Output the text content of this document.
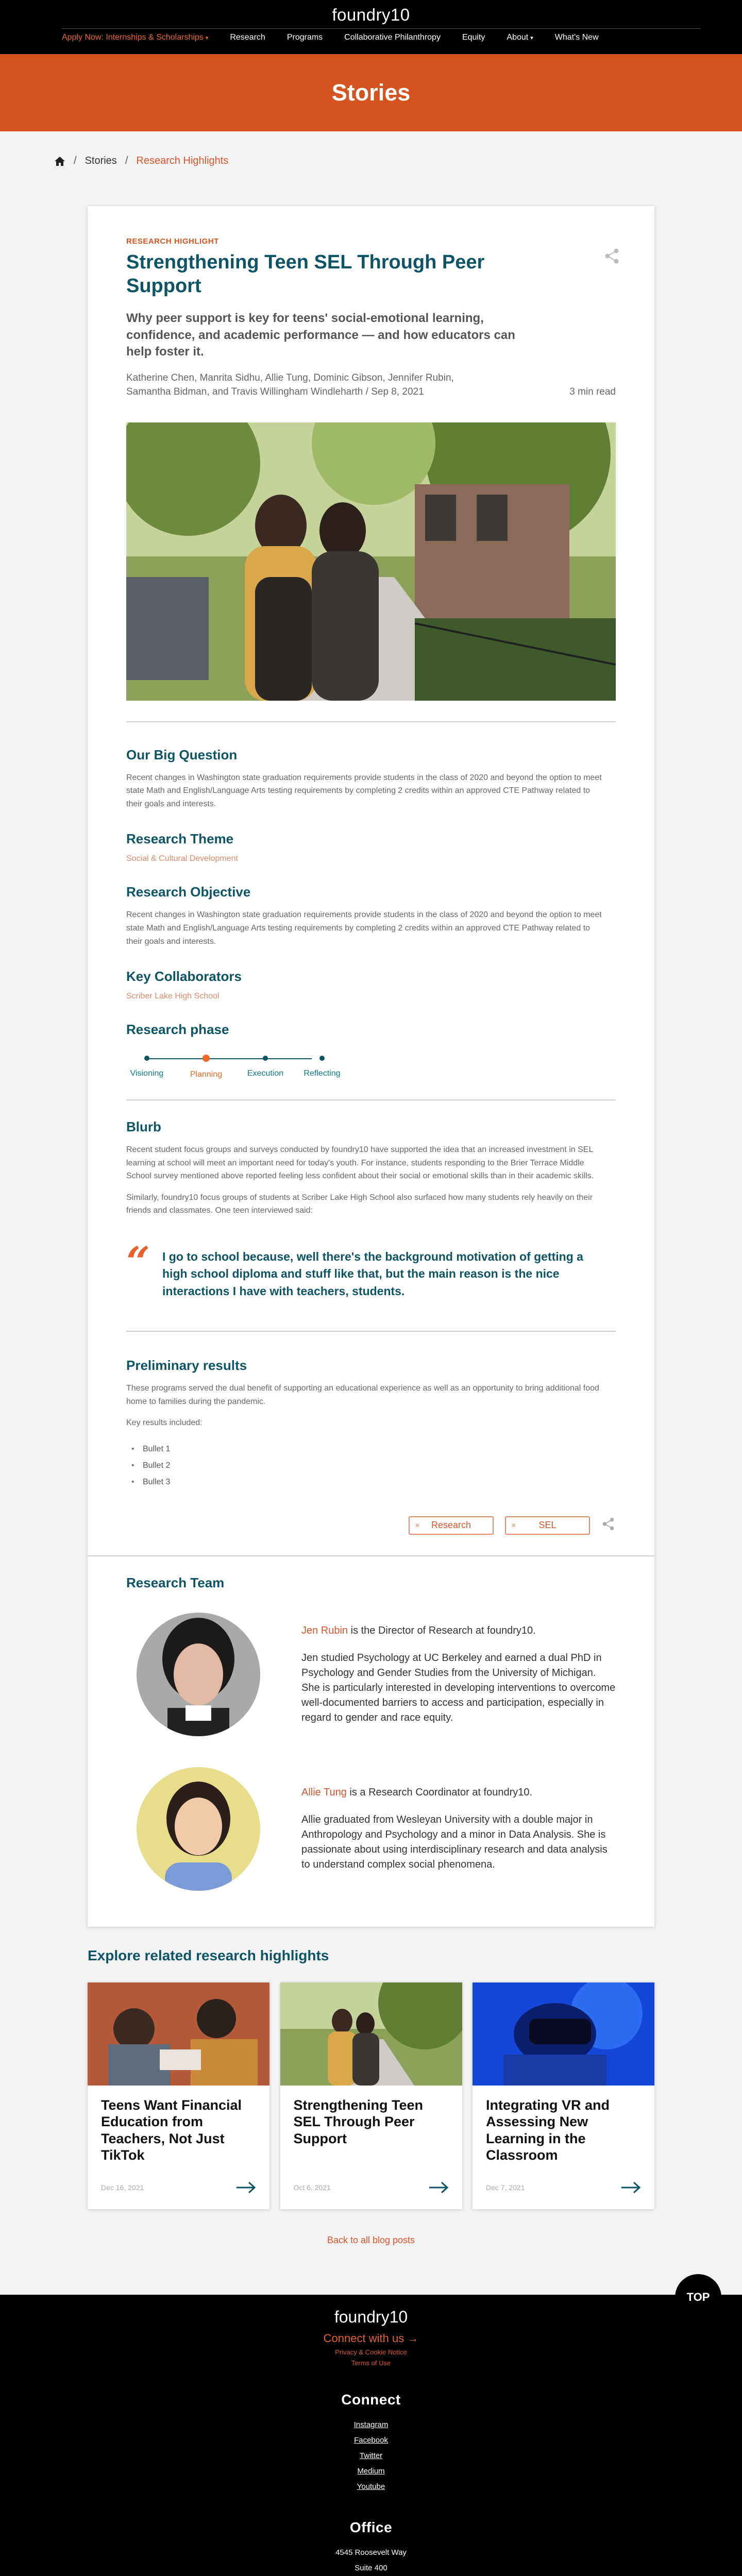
foundry10
Apply Now: Internships & Scholarships ▾	Research	Programs	Collaborative Philanthropy	Equity	About ▾	What's New
Stories
/ Stories / Research Highlights
RESEARCH HIGHLIGHT
Strengthening Teen SEL Through Peer Support

Why peer support is key for teens' social-emotional learning, confidence, and academic performance — and how educators can help foster it.

Katherine Chen, Manrita Sidhu, Allie Tung, Dominic Gibson, Jennifer Rubin, Samantha Bidman, and Travis Willingham Windleharth / Sep 8, 2021	3 min read
Our Big Question

Recent changes in Washington state graduation requirements provide students in the class of 2020 and beyond the option to meet state Math and English/Language Arts testing requirements by completing 2 credits within an approved CTE Pathway related to their goals and interests.

Research Theme
Social & Cultural Development
Research Objective

Recent changes in Washington state graduation requirements provide students in the class of 2020 and beyond the option to meet state Math and English/Language Arts testing requirements by completing 2 credits within an approved CTE Pathway related to their goals and interests.

Key Collaborators
Scriber Lake High School
Research phase
Visioning	Planning	Execution	Reflecting
Blurb

Recent student focus groups and surveys conducted by foundry10 have supported the idea that an increased investment in SEL learning at school will meet an important need for today's youth. For instance, students responding to the Brier Terrace Middle School survey mentioned above reported feeling less confident about their social or emotional skills than in their academic skills.

Similarly, foundry10 focus groups of students at Scriber Lake High School also surfaced how many students rely heavily on their friends and classmates. One teen interviewed said:

“ I go to school because, well there's the background motivation of getting a high school diploma and stuff like that, but the main reason is the nice interactions I have with teachers, students.

Preliminary results

These programs served the dual benefit of supporting an educational experience as well as an opportunity to bring additional food home to families during the pandemic.

Key results included:

• Bullet 1
• Bullet 2
• Bullet 3
✕ Research	✕ SEL
Research Team

Jen Rubin is the Director of Research at foundry10.

Jen studied Psychology at UC Berkeley and earned a dual PhD in Psychology and Gender Studies from the University of Michigan. She is particularly interested in developing interventions to overcome well-documented barriers to access and participation, especially in regard to gender and race equity.

Allie Tung is a Research Coordinator at foundry10.

Allie graduated from Wesleyan University with a double major in Anthropology and Psychology and a minor in Data Analysis. She is passionate about using interdisciplinary research and data analysis to understand complex social phenomena.

Explore related research highlights
Teens Want Financial Education from Teachers, Not Just TikTok
Dec 16, 2021
Strengthening Teen SEL Through Peer Support
Oct 6, 2021
Integrating VR and Assessing New Learning in the Classroom
Dec 7, 2021
Back to all blog posts
TOP
foundry10
Connect with us →
Privacy & Cookie Notice
Terms of Use
Connect
Instagram
Facebook
Twitter
Medium
Youtube
Office
4545 Roosevelt Way
Suite 400
